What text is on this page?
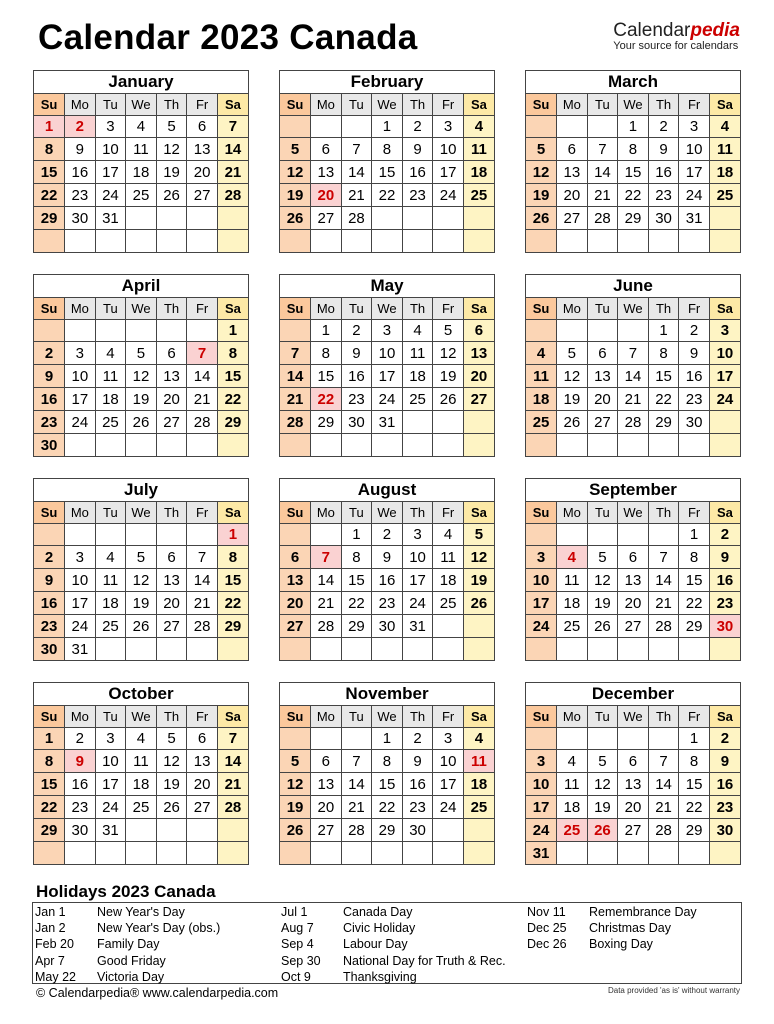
Calendar 2023 Canada	Calendarpedia
Your source for calendars
January
Su	Mo	Tu	We	Th	Fr	Sa
1	2	3	4	5	6	7
8	9	10	11	12	13	14
15	16	17	18	19	20	21
22	23	24	25	26	27	28
29	30	31				

February
Su	Mo	Tu	We	Th	Fr	Sa
			1	2	3	4
5	6	7	8	9	10	11
12	13	14	15	16	17	18
19	20	21	22	23	24	25
26	27	28				

March
Su	Mo	Tu	We	Th	Fr	Sa
			1	2	3	4
5	6	7	8	9	10	11
12	13	14	15	16	17	18
19	20	21	22	23	24	25
26	27	28	29	30	31	

April
Su	Mo	Tu	We	Th	Fr	Sa
						1
2	3	4	5	6	7	8
9	10	11	12	13	14	15
16	17	18	19	20	21	22
23	24	25	26	27	28	29
30						
May
Su	Mo	Tu	We	Th	Fr	Sa
	1	2	3	4	5	6
7	8	9	10	11	12	13
14	15	16	17	18	19	20
21	22	23	24	25	26	27
28	29	30	31			

June
Su	Mo	Tu	We	Th	Fr	Sa
				1	2	3
4	5	6	7	8	9	10
11	12	13	14	15	16	17
18	19	20	21	22	23	24
25	26	27	28	29	30	

July
Su	Mo	Tu	We	Th	Fr	Sa
						1
2	3	4	5	6	7	8
9	10	11	12	13	14	15
16	17	18	19	20	21	22
23	24	25	26	27	28	29
30	31					
August
Su	Mo	Tu	We	Th	Fr	Sa
		1	2	3	4	5
6	7	8	9	10	11	12
13	14	15	16	17	18	19
20	21	22	23	24	25	26
27	28	29	30	31		

September
Su	Mo	Tu	We	Th	Fr	Sa
					1	2
3	4	5	6	7	8	9
10	11	12	13	14	15	16
17	18	19	20	21	22	23
24	25	26	27	28	29	30

October
Su	Mo	Tu	We	Th	Fr	Sa
1	2	3	4	5	6	7
8	9	10	11	12	13	14
15	16	17	18	19	20	21
22	23	24	25	26	27	28
29	30	31				

November
Su	Mo	Tu	We	Th	Fr	Sa
			1	2	3	4
5	6	7	8	9	10	11
12	13	14	15	16	17	18
19	20	21	22	23	24	25
26	27	28	29	30		

December
Su	Mo	Tu	We	Th	Fr	Sa
					1	2
3	4	5	6	7	8	9
10	11	12	13	14	15	16
17	18	19	20	21	22	23
24	25	26	27	28	29	30
31						
Holidays 2023 Canada
Jan 1	New Year's Day
Jan 2	New Year's Day (obs.)
Feb 20 Family Day
Apr 7	Good Friday
May 22 Victoria Day
Jul 1	Canada Day
Aug 7 Civic Holiday
Sep 4 Labour Day
Sep 30 National Day for Truth & Rec.
Oct 9	Thanksgiving
Nov 11 Remembrance Day
Dec 25 Christmas Day
Dec 26 Boxing Day
© Calendarpedia® www.calendarpedia.com	Data provided 'as is' without warranty
